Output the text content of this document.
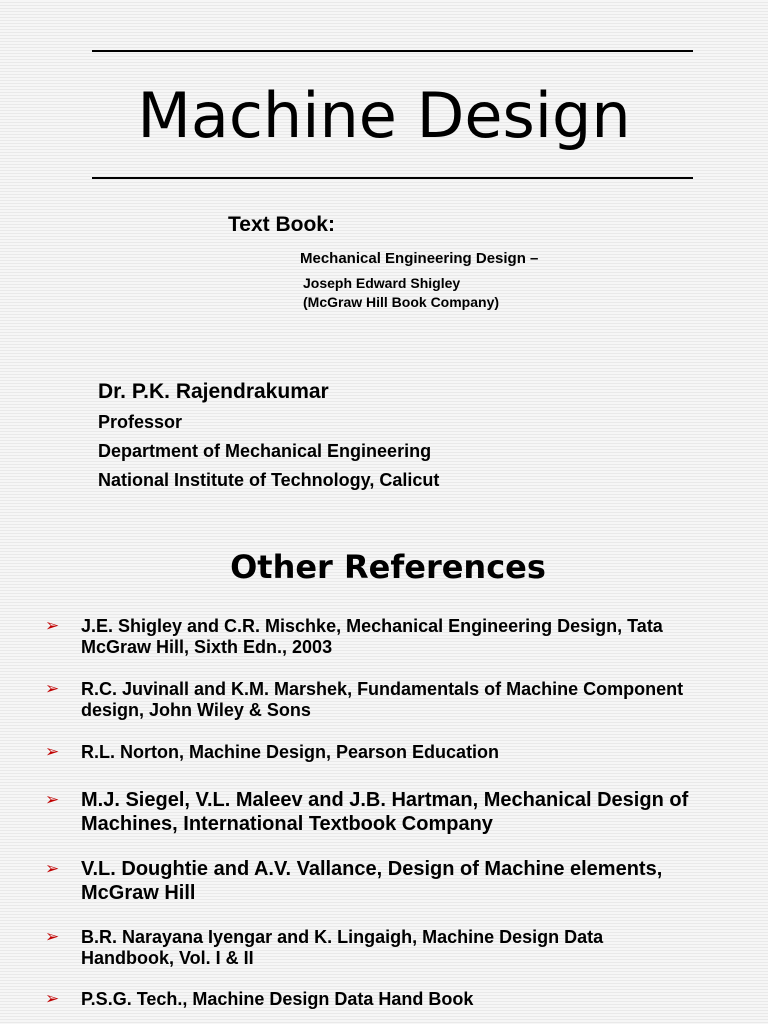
Machine Design
Text Book:
Mechanical Engineering Design –
Joseph Edward Shigley
(McGraw Hill Book Company)
Dr. P.K. Rajendrakumar
Professor
Department of Mechanical Engineering
National Institute of Technology, Calicut
Other References
➢	J.E. Shigley and C.R. Mischke, Mechanical Engineering Design, Tata
McGraw Hill, Sixth Edn., 2003
➢	R.C. Juvinall and K.M. Marshek, Fundamentals of Machine Component
design, John Wiley & Sons
➢	R.L. Norton, Machine Design, Pearson Education
➢	M.J. Siegel, V.L. Maleev and J.B. Hartman, Mechanical Design of
Machines, International Textbook Company
➢	V.L. Doughtie and A.V. Vallance, Design of Machine elements,
McGraw Hill
➢	B.R. Narayana Iyengar and K. Lingaigh, Machine Design Data
Handbook, Vol. I & II
➢	P.S.G. Tech., Machine Design Data Hand Book
